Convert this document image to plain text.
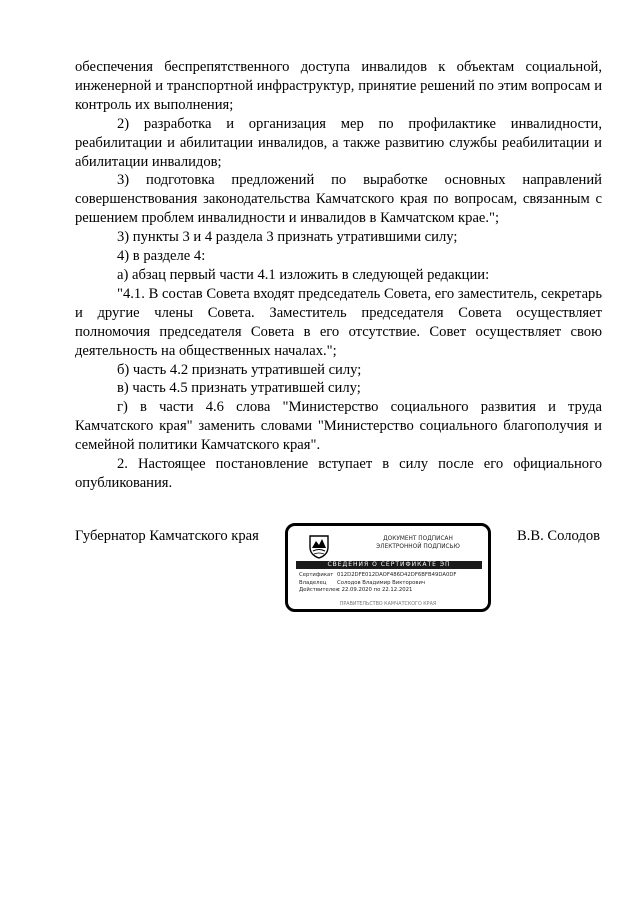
обеспечения беспрепятственного доступа инвалидов к объектам социальной, инженерной и транспортной инфраструктур, принятие решений по этим вопросам и контроль их выполнения;

2) разработка и организация мер по профилактике инвалидности, реабилитации и абилитации инвалидов, а также развитию службы реабилитации и абилитации инвалидов;

3) подготовка предложений по выработке основных направлений совершенствования законодательства Камчатского края по вопросам, связанным с решением проблем инвалидности и инвалидов в Камчатском крае.";

3) пункты 3 и 4 раздела 3 признать утратившими силу;

4) в разделе 4:

а) абзац первый части 4.1 изложить в следующей редакции:

"4.1. В состав Совета входят председатель Совета, его заместитель, секретарь и другие члены Совета. Заместитель председателя Совета осуществляет полномочия председателя Совета в его отсутствие. Совет осуществляет свою деятельность на общественных началах.";

б) часть 4.2 признать утратившей силу;

в) часть 4.5 признать утратившей силу;

г) в части 4.6 слова "Министерство социального развития и труда Камчатского края" заменить словами "Министерство социального благополучия и семейной политики Камчатского края".

2. Настоящее постановление вступает в силу после его официального опубликования.

Губернатор Камчатского края	В.В. Солодов
ДОКУМЕНТ ПОДПИСАН
ЭЛЕКТРОННОЙ ПОДПИСЬЮ
СВЕДЕНИЯ О СЕРТИФИКАТЕ ЭП
Сертификат 012D2DFE012DAOF486D42DF6BFB49DA0DF
Владелец	Солодов Владимир Викторович
Действителен
с 22.09.2020 по 22.12.2021
ПРАВИТЕЛЬСТВО КАМЧАТСКОГО КРАЯ
